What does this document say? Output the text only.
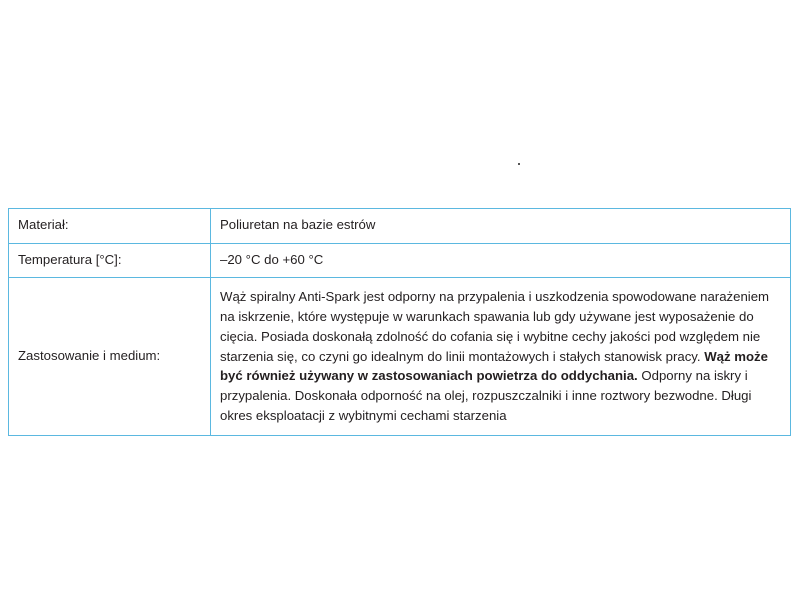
Materiał:	Poliuretan na bazie estrów
Temperatura [°C]:	–20 °C do +60 °C
Zastosowanie i medium:	Wąż spiralny Anti-Spark jest odporny na przypalenia i uszkodzenia spowodowane narażeniem na iskrzenie, które występuje w warunkach spawania lub gdy używane jest wyposażenie do cięcia. Posiada doskonałą zdolność do cofania się i wybitne cechy jakości pod względem nie starzenia się, co czyni go idealnym do linii montażowych i stałych stanowisk pracy. Wąż może być również używany w zastosowaniach powietrza do oddychania. Odporny na iskry i przypalenia. Doskonała odporność na olej, rozpuszczalniki i inne roztwory bezwodne. Długi okres eksploatacji z wybitnymi cechami starzenia
